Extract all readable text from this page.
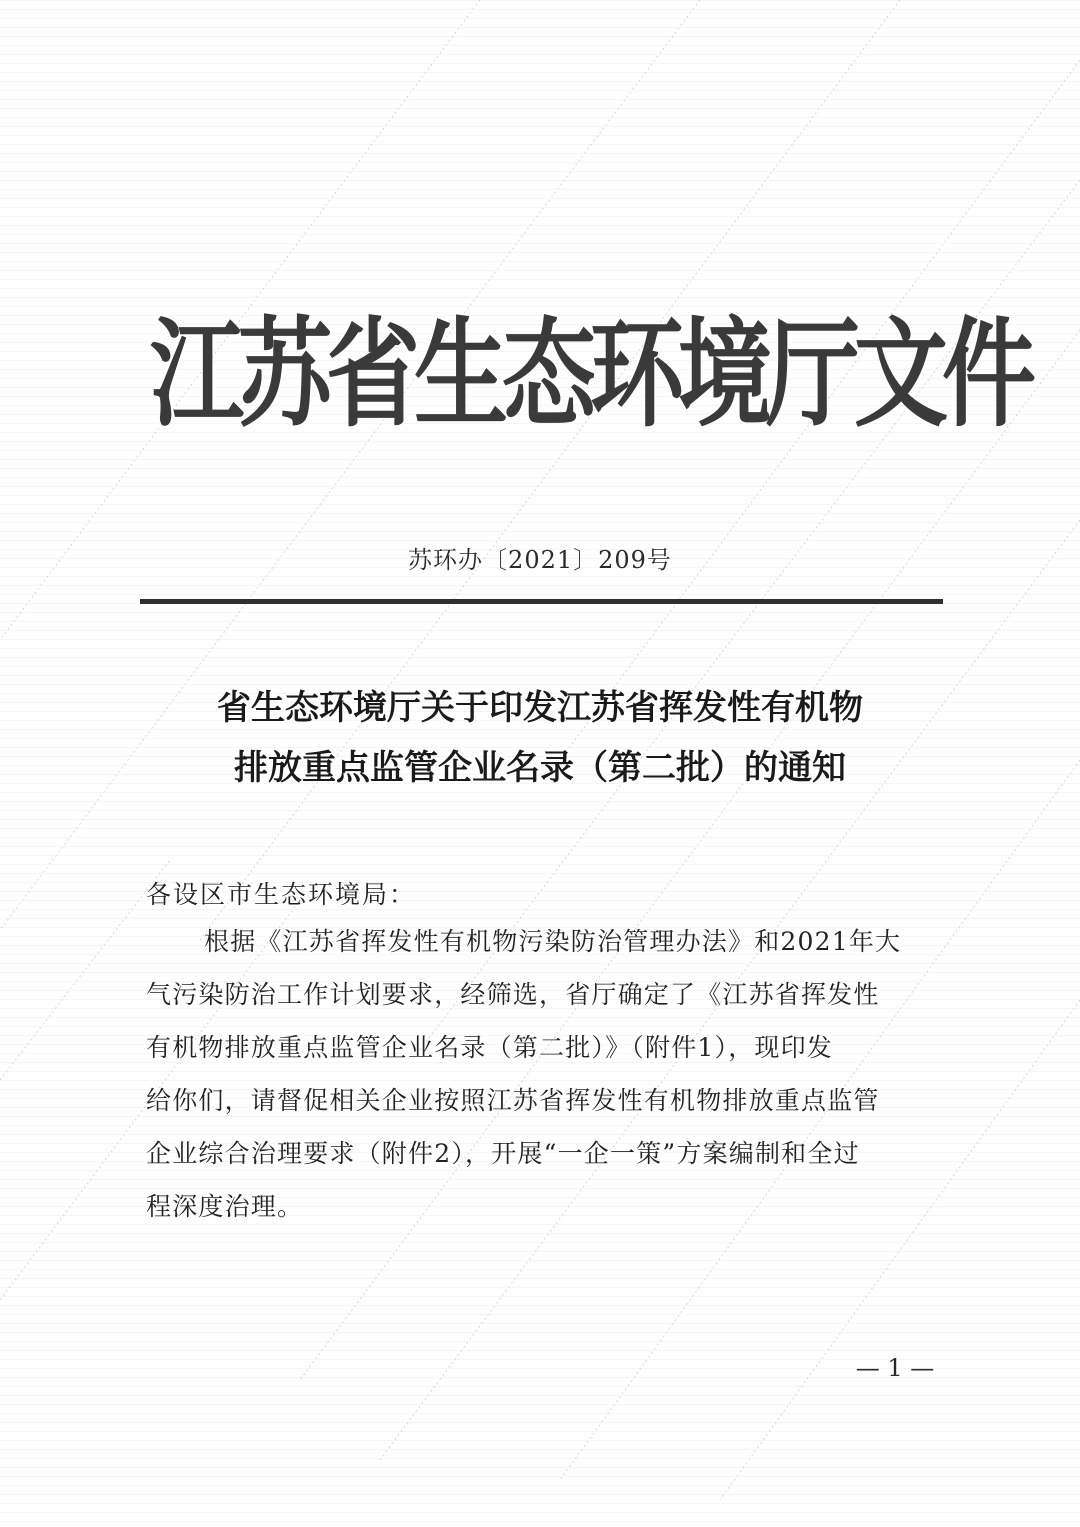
江苏省生态环境厅文件
苏环办〔2021〕209号
省生态环境厅关于印发江苏省挥发性有机物
排放重点监管企业名录（第二批）的通知
各设区市生态环境局：
根据《江苏省挥发性有机物污染防治管理办法》和2021年大
气污染防治工作计划要求，经筛选，省厅确定了《江苏省挥发性
有机物排放重点监管企业名录（第二批）》（附件1），现印发
给你们，请督促相关企业按照江苏省挥发性有机物排放重点监管
企业综合治理要求（附件2），开展“一企一策”方案编制和全过
程深度治理。
— 1 —
